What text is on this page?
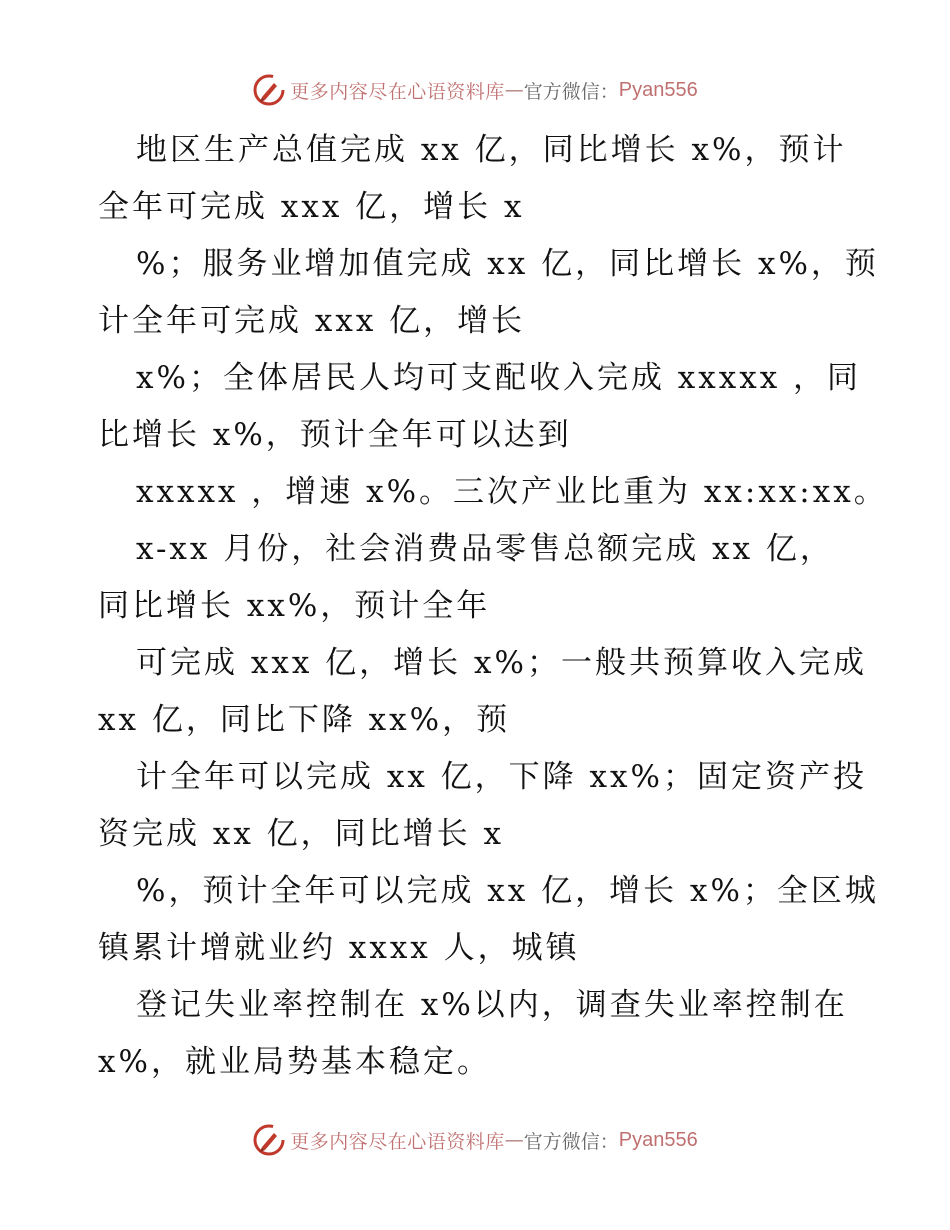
更多内容尽在心语资料库 — 官方微信： Pyan556

地区生产总值完成 xx 亿，同比增长 x%，预计

全年可完成 xxx 亿，增长 x

%；服务业增加值完成 xx 亿，同比增长 x%，预

计全年可完成 xxx 亿，增长

x%；全体居民人均可支配收入完成 xxxxx ，同

比增长 x%，预计全年可以达到

xxxxx ，增速 x%。三次产业比重为 xx:xx:xx。

x-xx 月份，社会消费品零售总额完成 xx 亿，

同比增长 xx%，预计全年

可完成 xxx 亿，增长 x%；一般共预算收入完成

xx 亿，同比下降 xx%，预

计全年可以完成 xx 亿，下降 xx%；固定资产投

资完成 xx 亿，同比增长 x

%，预计全年可以完成 xx 亿，增长 x%；全区城

镇累计增就业约 xxxx 人，城镇

登记失业率控制在 x%以内，调查失业率控制在

x%，就业局势基本稳定。

更多内容尽在心语资料库 — 官方微信： Pyan556
